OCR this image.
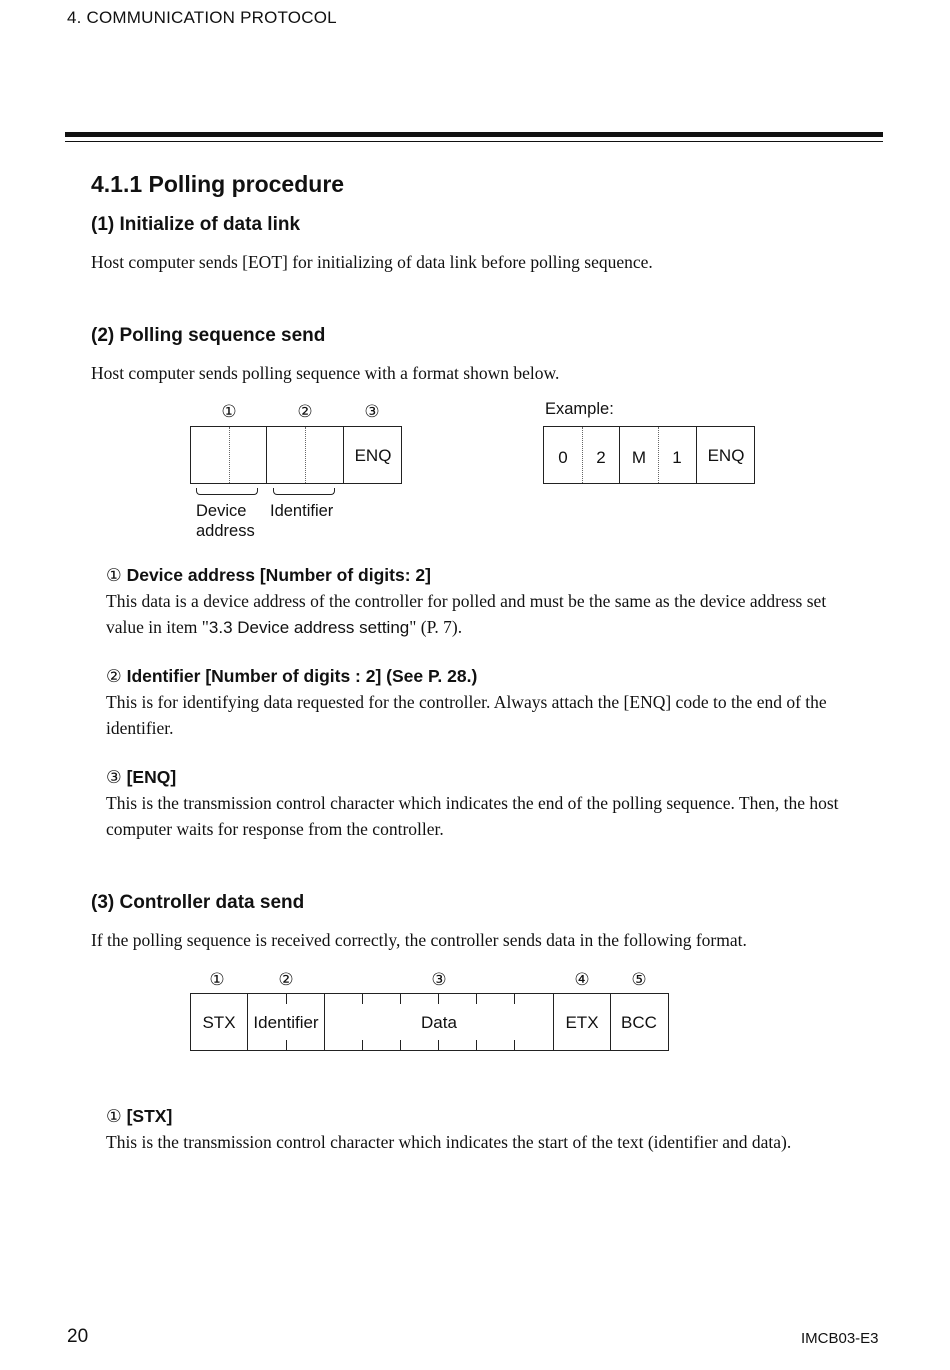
4. COMMUNICATION PROTOCOL
4.1.1 Polling procedure
(1) Initialize of data link

Host computer sends [EOT] for initializing of data link before polling sequence.

(2) Polling sequence send

Host computer sends polling sequence with a format shown below.

①	②	③
ENQ
Device
address
Identifier
Example:
0	2	M	1	ENQ
① Device address [Number of digits: 2]

This data is a device address of the controller for polled and must be the same as the device address set value in item "3.3 Device address setting" (P. 7).

② Identifier [Number of digits : 2] (See P. 28.)

This is for identifying data requested for the controller. Always attach the [ENQ] code to the end of the identifier.

③ [ENQ]

This is the transmission control character which indicates the end of the polling sequence. Then, the host computer waits for response from the controller.

(3) Controller data send

If the polling sequence is received correctly, the controller sends data in the following format.

①	②	③	④	⑤
STX	Identifier	Data	ETX	BCC
① [STX]

This is the transmission control character which indicates the start of the text (identifier and data).

20	IMCB03-E3
